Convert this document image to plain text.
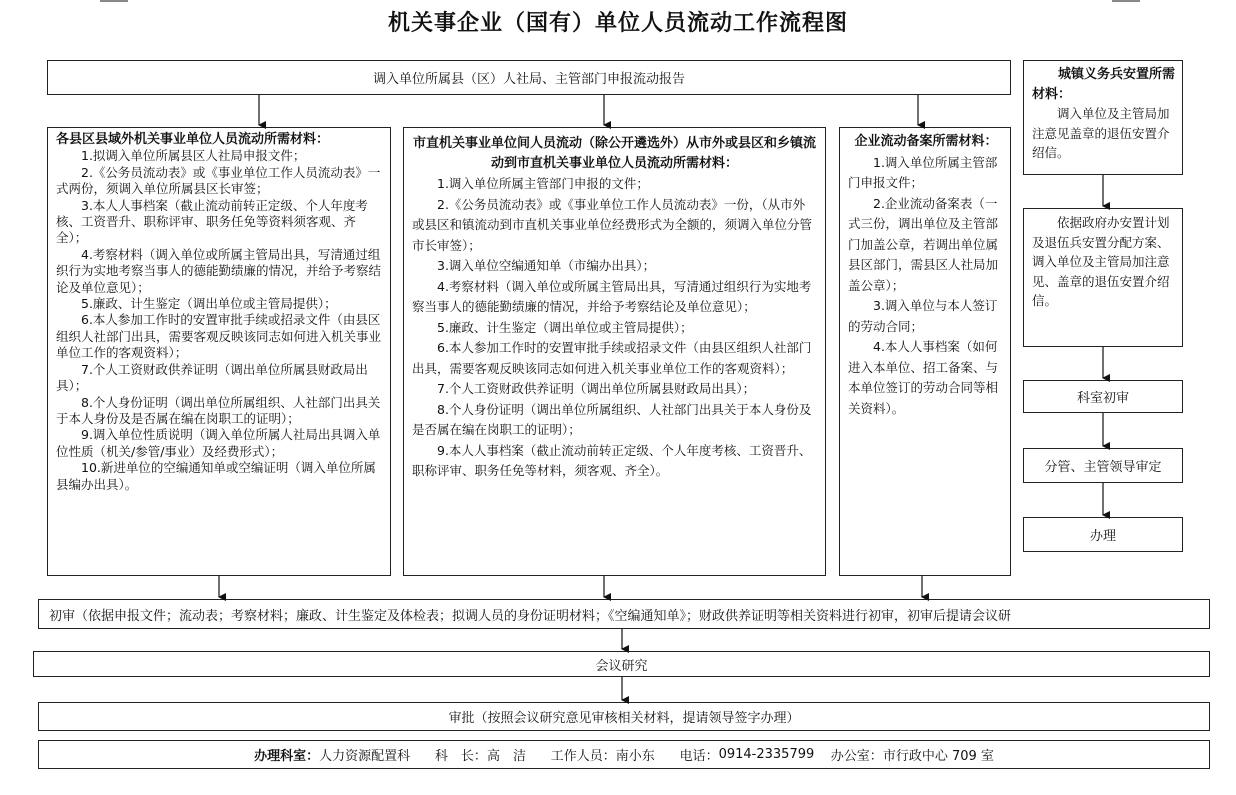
机关事企业（国有）单位人员流动工作流程图
调入单位所属县（区）人社局、主管部门申报流动报告
各县区县域外机关事业单位人员流动所需材料：
1.拟调入单位所属县区人社局申报文件；
2.《公务员流动表》或《事业单位工作人员流动表》一式两份，须调入单位所属县区长审签；
3.本人人事档案（截止流动前转正定级、个人年度考核、工资晋升、职称评审、职务任免等资料须客观、齐全）；
4.考察材料（调入单位或所属主管局出具，写清通过组织行为实地考察当事人的德能勤绩廉的情况，并给予考察结论及单位意见）；
5.廉政、计生鉴定（调出单位或主管局提供）；
6.本人参加工作时的安置审批手续或招录文件（由县区组织人社部门出具，需要客观反映该同志如何进入机关事业单位工作的客观资料）；
7.个人工资财政供养证明（调出单位所属县财政局出具）；
8.个人身份证明（调出单位所属组织、人社部门出具关于本人身份及是否属在编在岗职工的证明）；
9.调入单位性质说明（调入单位所属人社局出具调入单位性质（机关/参管/事业）及经费形式）；
10.新进单位的空编通知单或空编证明（调入单位所属县编办出具）。
市直机关事业单位间人员流动（除公开遴选外）从市外或县区和乡镇流动到市直机关事业单位人员流动所需材料：
1.调入单位所属主管部门申报的文件；
2.《公务员流动表》或《事业单位工作人员流动表》一份，（从市外或县区和镇流动到市直机关事业单位经费形式为全额的，须调入单位分管市长审签）；
3.调入单位空编通知单（市编办出具）；
4.考察材料（调入单位或所属主管局出具，写清通过组织行为实地考察当事人的德能勤绩廉的情况，并给予考察结论及单位意见）；
5.廉政、计生鉴定（调出单位或主管局提供）；
6.本人参加工作时的安置审批手续或招录文件（由县区组织人社部门出具，需要客观反映该同志如何进入机关事业单位工作的客观资料）；
7.个人工资财政供养证明（调出单位所属县财政局出具）；
8.个人身份证明（调出单位所属组织、人社部门出具关于本人身份及是否属在编在岗职工的证明）；
9.本人人事档案（截止流动前转正定级、个人年度考核、工资晋升、职称评审、职务任免等材料，须客观、齐全）。
企业流动备案所需材料：
1.调入单位所属主管部门申报文件；
2.企业流动备案表（一式三份，调出单位及主管部门加盖公章，若调出单位属县区部门，需县区人社局加盖公章）；
3.调入单位与本人签订的劳动合同；
4.本人人事档案（如何进入本单位、招工备案、与本单位签订的劳动合同等相关资料）。
城镇义务兵安置所需材料：
调入单位及主管局加注意见盖章的退伍安置介绍信。
依据政府办安置计划及退伍兵安置分配方案、调入单位及主管局加注意见、盖章的退伍安置介绍信。
科室初审
分管、主管领导审定
办理
初审（依据申报文件；流动表；考察材料；廉政、计生鉴定及体检表；拟调人员的身份证明材料；《空编通知单》；财政供养证明等相关资料进行初审，初审后提请会议研
会议研究
审批（按照会议研究意见审核相关材料，提请领导签字办理）
办理科室： 人力资源配置科
科　长： 高　洁
工作人员： 南小东
电话： 0914-2335799
办公室： 市行政中心 709 室
